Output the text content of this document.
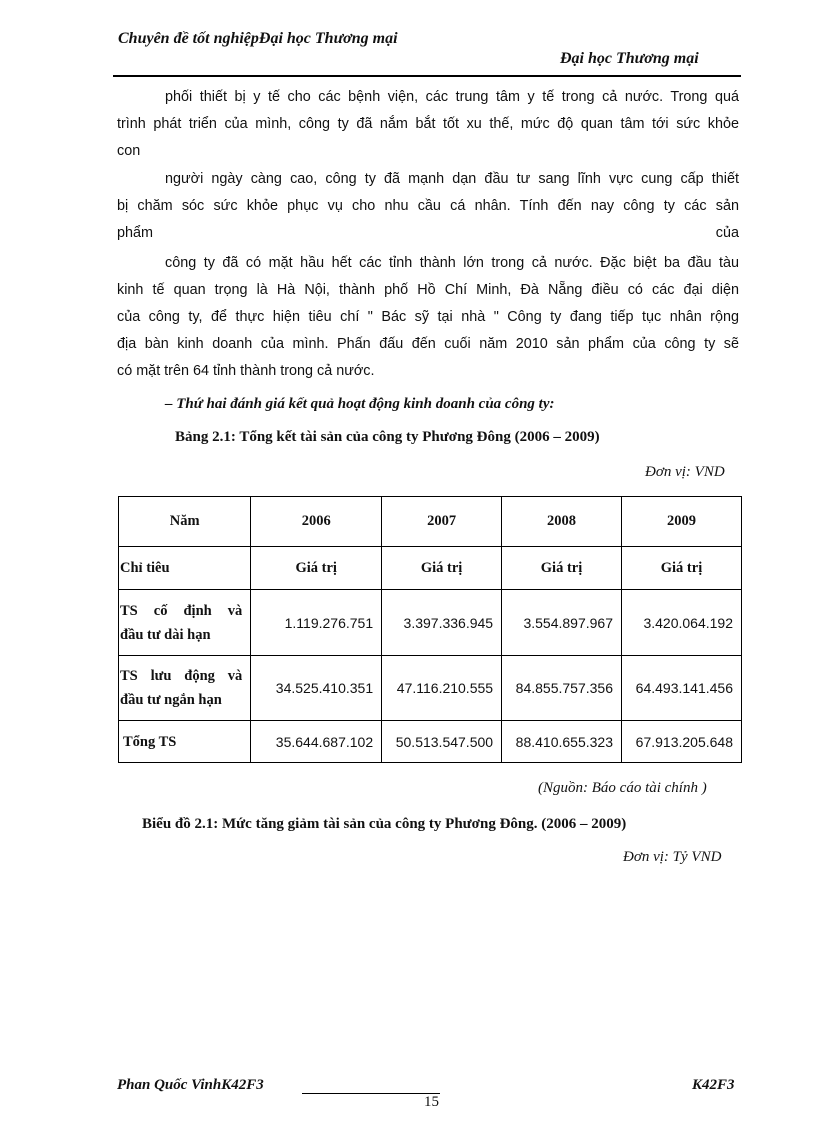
Chuyên đề tốt nghiệpĐại học Thương mại
Đại học Thương mại
phối thiết bị y tế cho các bệnh viện, các trung tâm y tế trong cả nước. Trong quá
trình phát triển của mình, công ty đã nắm bắt tốt xu thế, mức độ quan tâm tới sức khỏe
con
người ngày càng cao, công ty đã mạnh dạn đầu tư sang lĩnh vực cung cấp thiết
bị chăm sóc sức khỏe phục vụ cho nhu cầu cá nhân. Tính đến nay công ty các sản
phẩm	của
công ty đã có mặt hầu hết các tỉnh thành lớn trong cả nước. Đặc biệt ba đầu tàu
kinh tế quan trọng là Hà Nội, thành phố Hồ Chí Minh, Đà Nẵng điều có các đại diện
của công ty, để thực hiện tiêu chí " Bác sỹ tại nhà " Công ty đang tiếp tục nhân rộng
địa bàn kinh doanh của mình. Phấn đấu đến cuối năm 2010 sản phẩm của công ty sẽ
có mặt trên 64 tỉnh thành trong cả nước.
– Thứ hai đánh giá kết quả hoạt động kinh doanh của công ty:
Bảng 2.1: Tổng kết tài sản của công ty Phương Đông (2006 – 2009)
Đơn vị: VND
Năm	2006	2007	2008	2009
Chỉ tiêu	Giá trị	Giá trị	Giá trị	Giá trị

TS cố định và
đầu tư dài hạn	1.119.276.751	3.397.336.945	3.554.897.967	3.420.064.192

TS lưu động và
đầu tư ngắn hạn	34.525.410.351	47.116.210.555	84.855.757.356	64.493.141.456

Tổng TS	35.644.687.102	50.513.547.500	88.410.655.323	67.913.205.648
(Nguồn: Báo cáo tài chính )
Biểu đồ 2.1: Mức tăng giảm tài sản của công ty Phương Đông. (2006 – 2009)
Đơn vị: Tỷ VND
Phan Quốc VinhK42F3
15
K42F3
